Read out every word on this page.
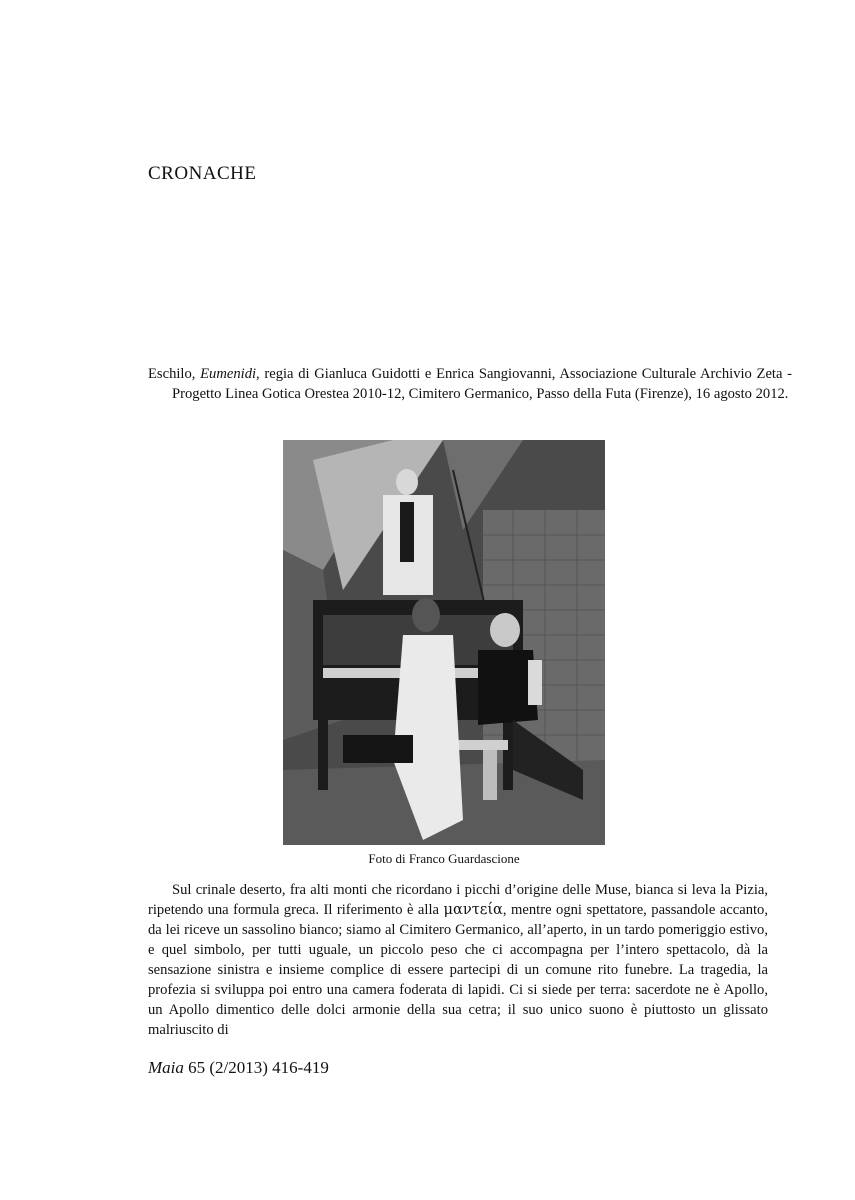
CRONACHE
Eschilo, Eumenidi, regia di Gianluca Guidotti e Enrica Sangiovanni, Associazione Culturale Archivio Zeta - Progetto Linea Gotica Orestea 2010-12, Cimitero Germanico, Passo della Futa (Firenze), 16 agosto 2012.
Foto di Franco Guardascione

Sul crinale deserto, fra alti monti che ricordano i picchi d’origine delle Muse, bianca si leva la Pizia, ripetendo una formula greca. Il riferimento è alla μαντεία, mentre ogni spettatore, passandole accanto, da lei riceve un sassolino bianco; siamo al Cimitero Germanico, all’aperto, in un tardo pomeriggio estivo, e quel simbolo, per tutti uguale, un piccolo peso che ci accompagna per l’intero spettacolo, dà la sensazione sinistra e insieme complice di essere partecipi di un comune rito funebre. La tragedia, la profezia si sviluppa poi entro una camera foderata di lapidi. Ci si siede per terra: sacerdote ne è Apollo, un Apollo dimentico delle dolci armonie della sua cetra; il suo unico suono è piuttosto un glissato malriuscito di

Maia 65 (2/2013) 416-419
